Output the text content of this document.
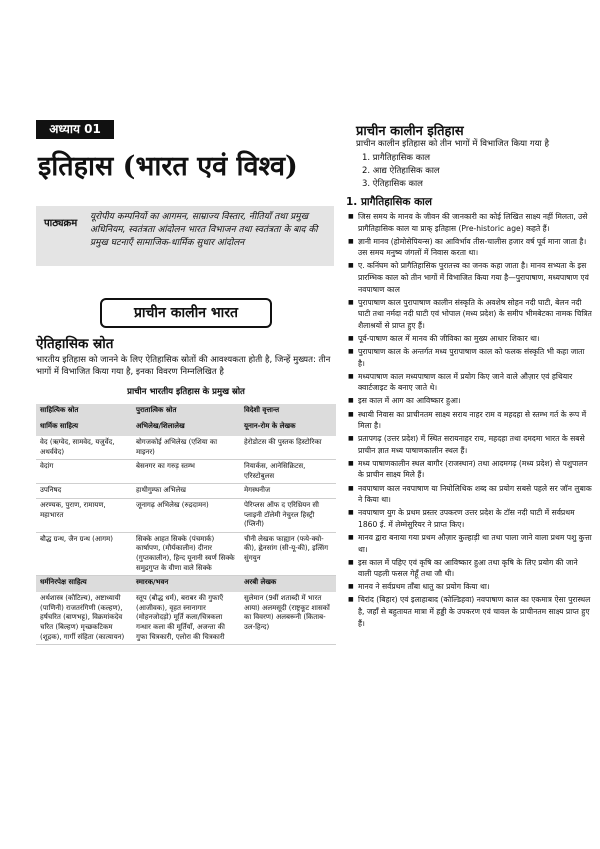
अध्याय 01
इतिहास (भारत एवं विश्व)
पाठ्यक्रम
यूरोपीय कम्पनियों का आगमन, साम्राज्य विस्तार, नीतियाँ तथा प्रमुख अधिनियम, स्वतंत्रता आंदोलन भारत विभाजन तथा स्वतंत्रता के बाद की प्रमुख घटनाएँ सामाजिक-धार्मिक सुधार आंदोलन
प्राचीन कालीन भारत
ऐतिहासिक स्रोत
भारतीय इतिहास को जानने के लिए ऐतिहासिक स्रोतों की आवश्यकता होती है, जिन्हें मुख्यत: तीन भागों में विभाजित किया गया है, इनका विवरण निम्नलिखित है
प्राचीन भारतीय इतिहास के प्रमुख स्रोत
साहित्यिक स्रोत	पुरातात्विक स्रोत	विदेशी वृत्तान्त
धार्मिक साहित्य	अभिलेख/शिलालेख	यूनान-रोम के लेखक
वेद (ऋग्वेद, सामवेद, यजुर्वेद, अथर्ववेद)	बोगजकोई अभिलेख (एशिया का माइनर)	हेरोडोटस की पुस्तक हिस्टोरिका
वेदांग	बेसनगर का गरुड़ स्तम्भ	नियार्कस, आनेसिक्रिटस, एरिस्टोबुलस
उपनिषद	हाथीगुम्फा अभिलेख	मेगस्थनीज
अरण्यक, पुराण, रामायण, महाभारत	जूनागढ़ अभिलेख (रुद्रदामन)	पेरिप्लस ऑफ द एरिथ्रियन सी प्लाइनी टॉलेमी नेचुरल हिस्ट्री (प्लिनी)
बौद्ध ग्रन्थ, जैन ग्रन्थ (आगम)	सिक्के आहत सिक्के (पंचमार्क) कार्षापण, (मौर्यकालीन) दीनार (गुप्तकालीन), हिन्द यूनानी स्वर्ण सिक्के समुद्रगुप्त के वीणा वाले सिक्के	चीनी लेखक फाह्यान (फये-क्वो-की), ह्वेनसांग (सी-यू-की), इत्सिंग सुंगयुन
धर्मनिरपेक्ष साहित्य	स्मारक/भवन	अरबी लेखक
अर्थशास्त्र (कौटिल्य), अष्टाध्यायी (पाणिनी) राजतरंगिणी (कल्हण), हर्षचरित (बाणभट्ट), विक्रमांकदेव चरित (बिल्हण) मृच्छकटिकम (शूद्रक), गार्गी संहिता (कात्यायन)	स्तूप (बौद्ध धर्म), बराबर की गुफाएँ (आजीवक), वृहत स्नानागार (मोहनजोदड़ो) मूर्ति कला/चित्रकला गन्धार कला की मूर्तियाँ, अजन्ता की गुफा चित्रकारी, एलोरा की चित्रकारी	सुलेमान (9वीं शताब्दी में भारत आया) अलमसूदी (राष्ट्रकूट शासकों का विवरण) अलबरूनी (किताब-उल-हिन्द)
प्राचीन कालीन इतिहास
प्राचीन कालीन इतिहास को तीन भागों में विभाजित किया गया है
1. प्रागैतिहासिक काल
2. आद्य ऐतिहासिक काल
3. ऐतिहासिक काल
1. प्रागैतिहासिक काल
■ जिस समय के मानव के जीवन की जानकारी का कोई लिखित साक्ष्य नहीं मिलता, उसे प्रागैतिहासिक काल या प्राक् इतिहास (Pre-historic age) कहते हैं।
■ ज्ञानी मानव (होमोसेपियन्स) का आविर्भाव तीस-चालीस हजार वर्ष पूर्व माना जाता है। उस समय मनुष्य जंगलों में निवास करता था।
■ ए. कनिंघम को प्रागैतिहासिक पुरातत्त्व का जनक कहा जाता है। मानव सभ्यता के इस प्रारम्भिक काल को तीन भागों में विभाजित किया गया है—पुरापाषाण, मध्यपाषाण एवं नवपाषाण काल
■ पुरापाषाण काल पुरापाषाण कालीन संस्कृति के अवशेष सोहन नदी घाटी, बेलन नदी घाटी तथा नर्मदा नदी घाटी एवं भोपाल (मध्य प्रदेश) के समीप भीमबेटका नामक चित्रित शैलाश्रयों से प्राप्त हुए हैं।
■ पूर्व-पाषाण काल में मानव की जीविका का मुख्य आधार शिकार था।
■ पुरापाषाण काल के अन्तर्गत मध्य पुरापाषाण काल को फलक संस्कृति भी कहा जाता है।
■ मध्यपाषाण काल मध्यपाषाण काल में प्रयोग किए जाने वाले औज़ार एवं हथियार क्वार्टजाइट के बनाए जाते थे।
■ इस काल में आग का आविष्कार हुआ।
■ स्थायी निवास का प्राचीनतम साक्ष्य सराय नाहर राम व महदहा से स्तम्भ गर्त के रूप में मिला है।
■ प्रतापगढ़ (उत्तर प्रदेश) में स्थित सरायनाहर राय, महदहा तथा दमदमा भारत के सबसे प्राचीन ज्ञात मध्य पाषाणकालीन स्थल हैं।
■ मध्य पाषाणकालीन स्थल बागौर (राजस्थान) तथा आदमगढ़ (मध्य प्रदेश) से पशुपालन के प्राचीन साक्ष्य मिले हैं।
■ नवपाषाण काल नवपाषाण या नियोलिथिक शब्द का प्रयोग सबसे पहले सर जॉन लुबाक ने किया था।
■ नवपाषाण युग के प्रथम प्रस्तर उपकरण उत्तर प्रदेश के टॉस नदी घाटी में सर्वप्रथम 1860 ई. में लेम्मेसुरियर ने प्राप्त किए।
■ मानव द्वारा बनाया गया प्रथम औज़ार कुल्हाड़ी था तथा पाला जाने वाला प्रथम पशु कुत्ता था।
■ इस काल में पहिए एवं कृषि का आविष्कार हुआ तथा कृषि के लिए प्रयोग की जाने वाली पहली फसल गेहूँ तथा जौ थी।
■ मानव ने सर्वप्रथम ताँबा धातु का प्रयोग किया था।
■ चिरांद (बिहार) एवं इलाहाबाद (कोल्डिहवा) नवपाषाण काल का एकमात्र ऐसा पुरास्थल है, जहाँ से बहुतायत मात्रा में हड्डी के उपकरण एवं चावल के प्राचीनतम साक्ष्य प्राप्त हुए हैं।
